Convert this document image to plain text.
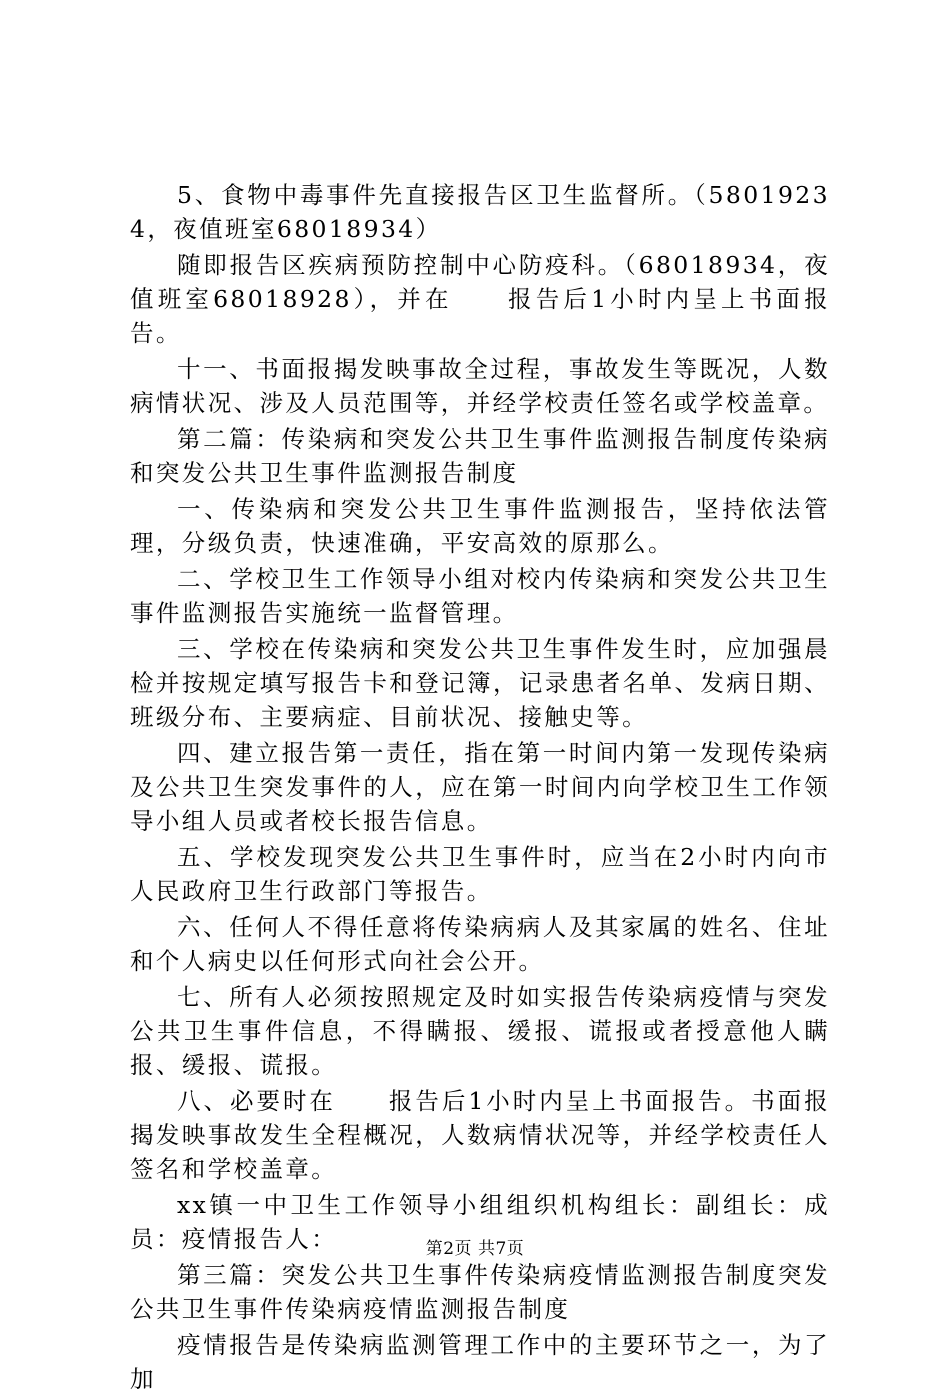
5、食物中毒事件先直接报告区卫生监督所。（58019234，夜值班室68018934）

随即报告区疾病预防控制中心防疫科。（68018934，夜值班室68018928），并在　　报告后1小时内呈上书面报告。

十一、书面报揭发映事故全过程，事故发生等既况，人数病情状况、涉及人员范围等，并经学校责任签名或学校盖章。

第二篇：传染病和突发公共卫生事件监测报告制度传染病和突发公共卫生事件监测报告制度

一、传染病和突发公共卫生事件监测报告，坚持依法管理，分级负责，快速准确，平安高效的原那么。

二、学校卫生工作领导小组对校内传染病和突发公共卫生事件监测报告实施统一监督管理。

三、学校在传染病和突发公共卫生事件发生时，应加强晨检并按规定填写报告卡和登记簿，记录患者名单、发病日期、班级分布、主要病症、目前状况、接触史等。

四、建立报告第一责任，指在第一时间内第一发现传染病及公共卫生突发事件的人，应在第一时间内向学校卫生工作领导小组人员或者校长报告信息。

五、学校发现突发公共卫生事件时，应当在2小时内向市人民政府卫生行政部门等报告。

六、任何人不得任意将传染病病人及其家属的姓名、住址和个人病史以任何形式向社会公开。

七、所有人必须按照规定及时如实报告传染病疫情与突发公共卫生事件信息，不得瞒报、缓报、谎报或者授意他人瞒报、缓报、谎报。

八、必要时在　　报告后1小时内呈上书面报告。书面报揭发映事故发生全程概况，人数病情状况等，并经学校责任人签名和学校盖章。

xx镇一中卫生工作领导小组组织机构组长：副组长：成员：疫情报告人：

第三篇：突发公共卫生事件传染病疫情监测报告制度突发公共卫生事件传染病疫情监测报告制度

疫情报告是传染病监测管理工作中的主要环节之一，为了加

第2页 共7页
